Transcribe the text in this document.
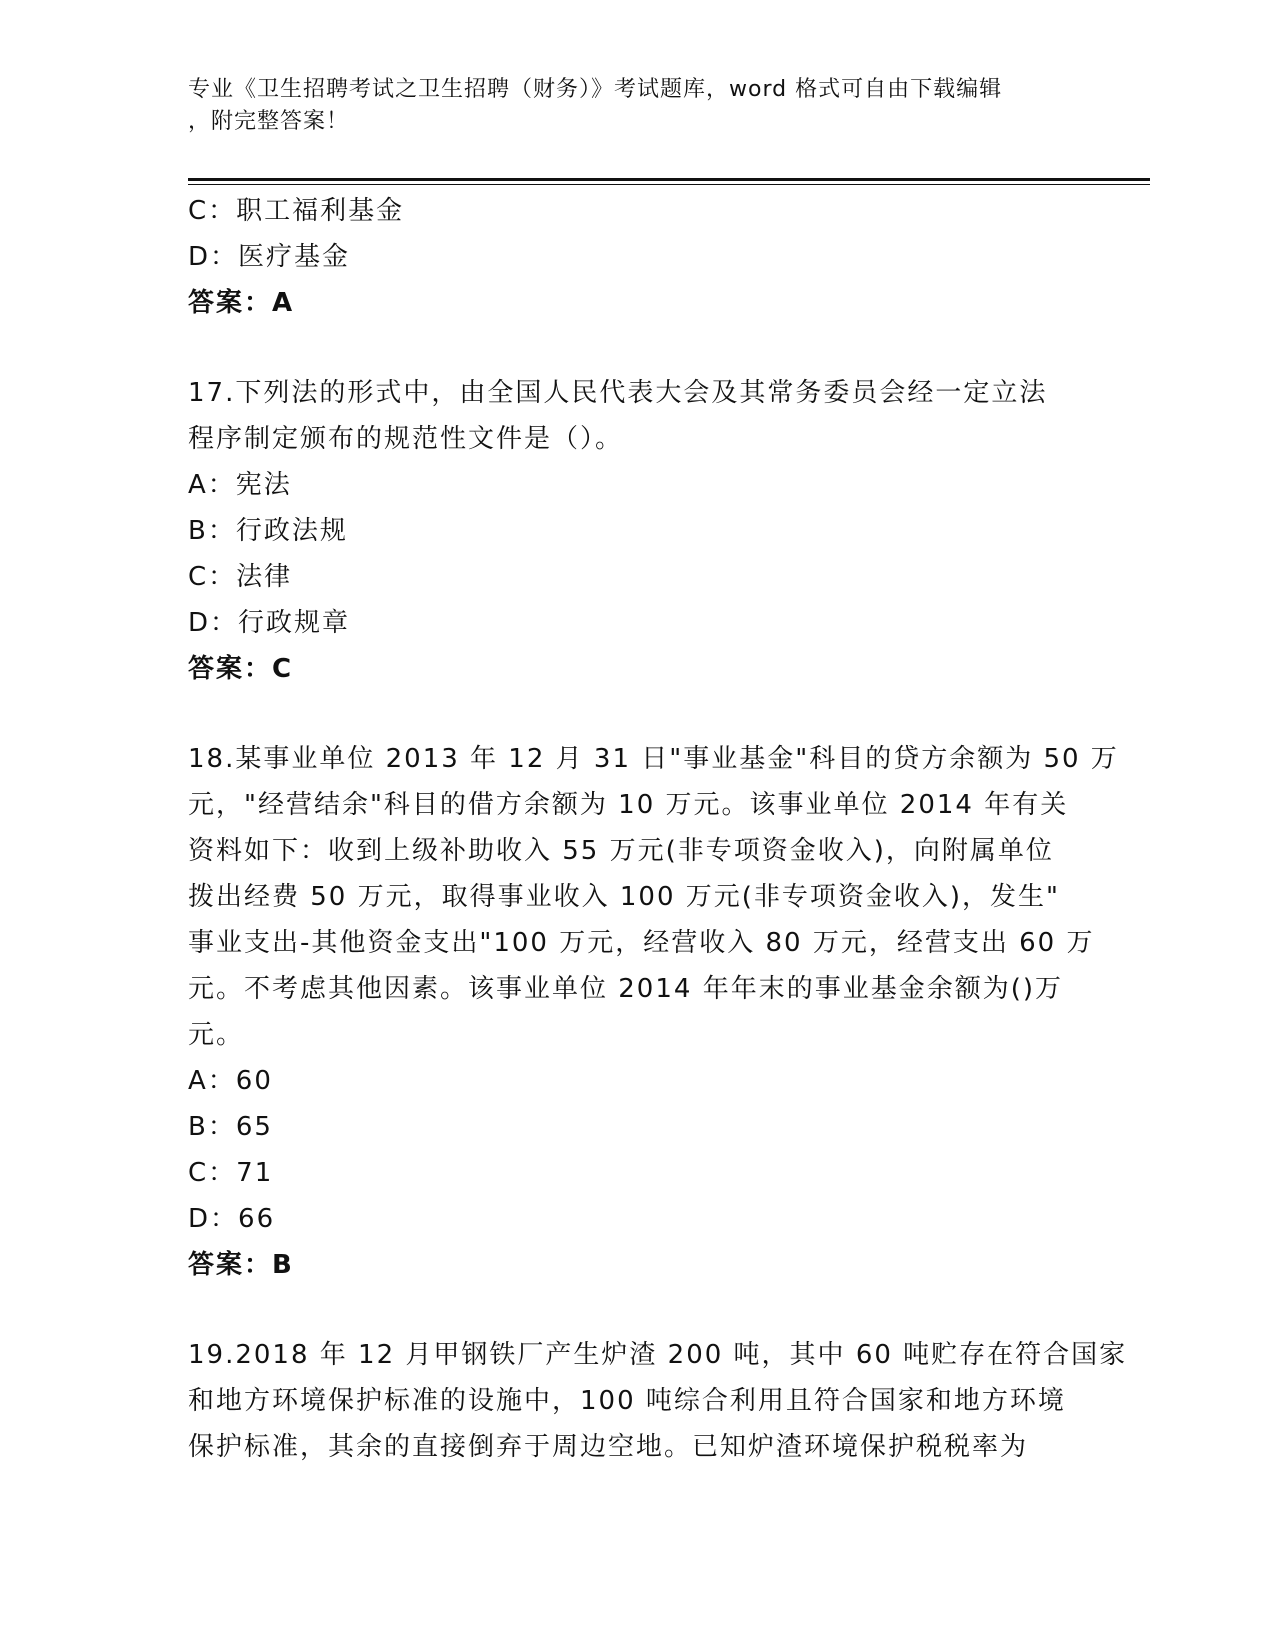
专业《卫生招聘考试之卫生招聘（财务）》考试题库，word 格式可自由下载编辑
，附完整答案！
C：职工福利基金
D：医疗基金
答案：A
17.下列法的形式中，由全国人民代表大会及其常务委员会经一定立法
程序制定颁布的规范性文件是（）。
A：宪法
B：行政法规
C：法律
D：行政规章
答案：C
18.某事业单位 2013 年 12 月 31 日"事业基金"科目的贷方余额为 50 万
元，"经营结余"科目的借方余额为 10 万元。该事业单位 2014 年有关
资料如下：收到上级补助收入 55 万元(非专项资金收入)，向附属单位
拨出经费 50 万元，取得事业收入 100 万元(非专项资金收入)，发生"
事业支出-其他资金支出"100 万元，经营收入 80 万元，经营支出 60 万
元。不考虑其他因素。该事业单位 2014 年年末的事业基金余额为()万
元。
A：60
B：65
C：71
D：66
答案：B
19.2018 年 12 月甲钢铁厂产生炉渣 200 吨，其中 60 吨贮存在符合国家
和地方环境保护标准的设施中，100 吨综合利用且符合国家和地方环境
保护标准，其余的直接倒弃于周边空地。已知炉渣环境保护税税率为
